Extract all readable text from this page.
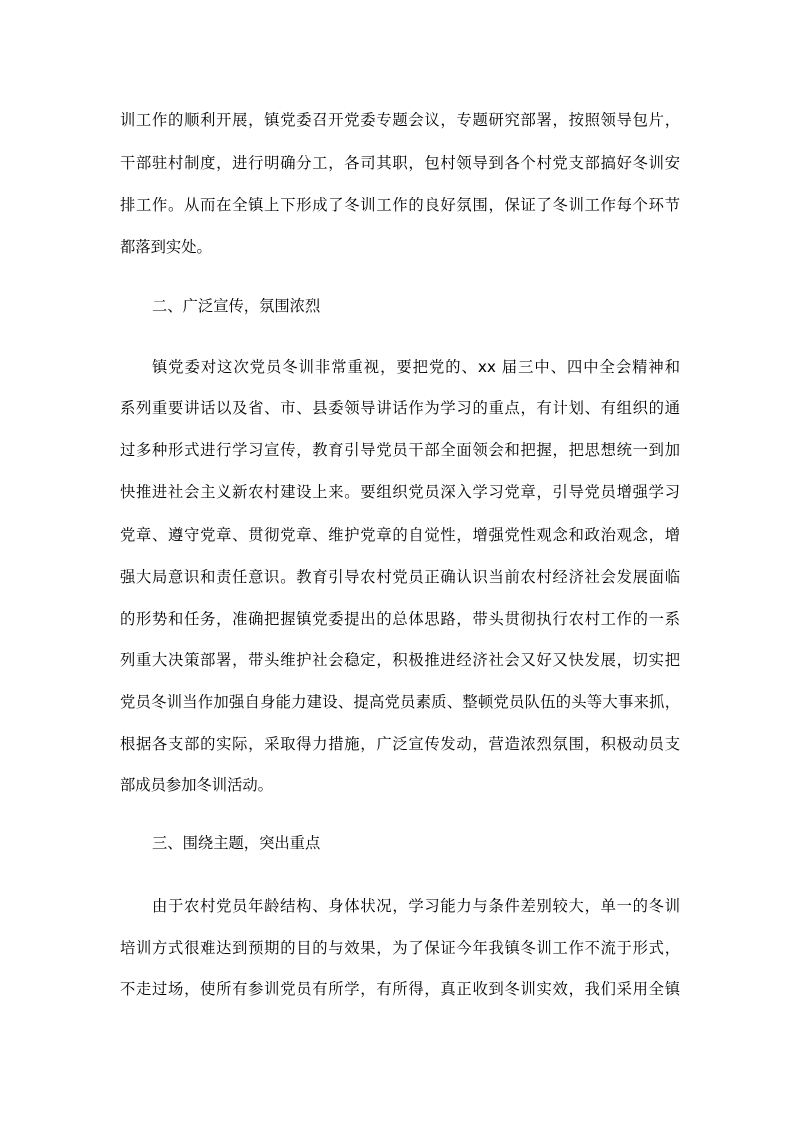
训工作的顺利开展，镇党委召开党委专题会议，专题研究部署，按照领导包片，
干部驻村制度，进行明确分工，各司其职，包村领导到各个村党支部搞好冬训安
排工作。从而在全镇上下形成了冬训工作的良好氛围，保证了冬训工作每个环节
都落到实处。
二、广泛宣传，氛围浓烈
镇党委对这次党员冬训非常重视，要把党的、xx 届三中、四中全会精神和
系列重要讲话以及省、市、县委领导讲话作为学习的重点，有计划、有组织的通
过多种形式进行学习宣传，教育引导党员干部全面领会和把握，把思想统一到加
快推进社会主义新农村建设上来。要组织党员深入学习党章，引导党员增强学习
党章、遵守党章、贯彻党章、维护党章的自觉性，增强党性观念和政治观念，增
强大局意识和责任意识。教育引导农村党员正确认识当前农村经济社会发展面临
的形势和任务，准确把握镇党委提出的总体思路，带头贯彻执行农村工作的一系
列重大决策部署，带头维护社会稳定，积极推进经济社会又好又快发展，切实把
党员冬训当作加强自身能力建设、提高党员素质、整顿党员队伍的头等大事来抓，
根据各支部的实际，采取得力措施，广泛宣传发动，营造浓烈氛围，积极动员支
部成员参加冬训活动。
三、围绕主题，突出重点
由于农村党员年龄结构、身体状况，学习能力与条件差别较大，单一的冬训
培训方式很难达到预期的目的与效果，为了保证今年我镇冬训工作不流于形式，
不走过场，使所有参训党员有所学，有所得，真正收到冬训实效，我们采用全镇
